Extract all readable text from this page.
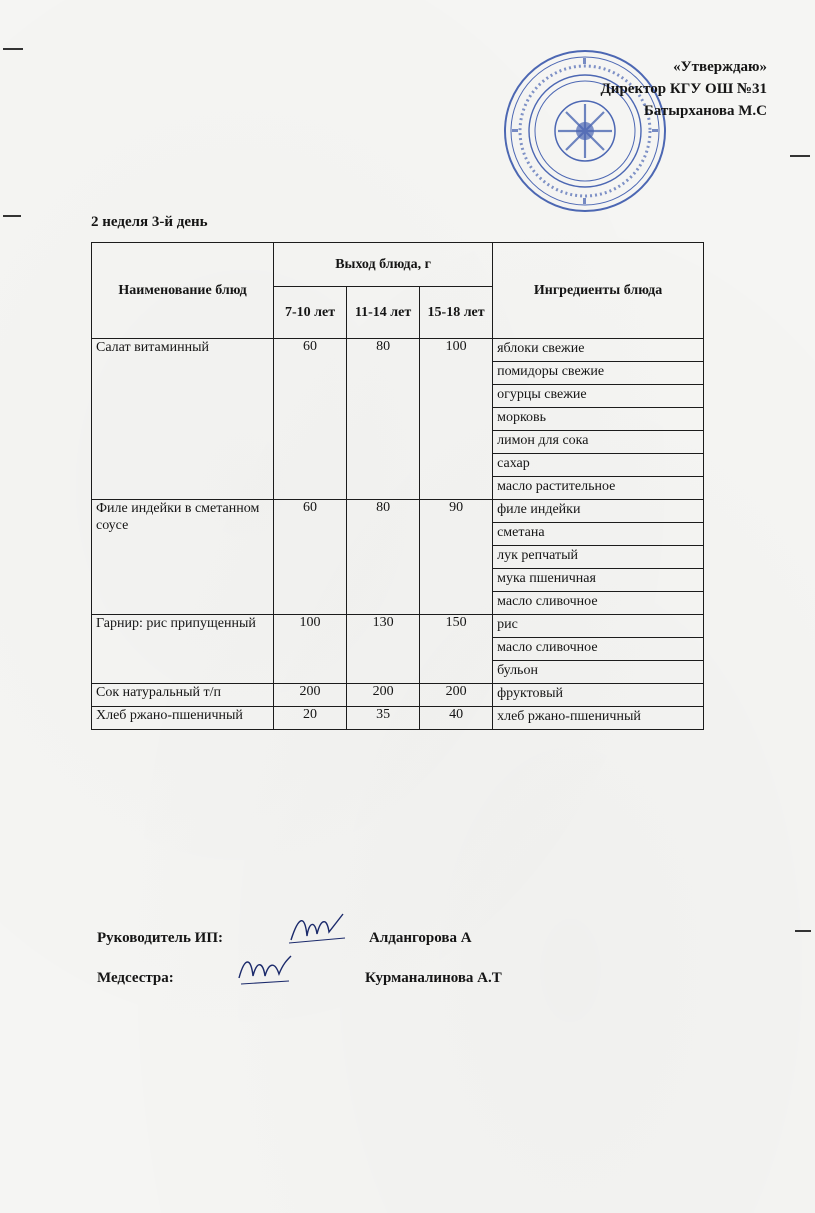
«Утверждаю»
Директор КГУ ОШ №31
Батырханова М.С
2 неделя 3-й день
Наименование блюд	Выход блюда, г			Ингредиенты блюда
	7-10 лет	11-14 лет	15-18 лет	
Салат витаминный	60	80	100	яблоки свежие
				помидоры свежие
				огурцы свежие
				морковь
				лимон для сока
				сахар
				масло растительное
Филе индейки в сметанном соусе	60	80	90	филе индейки
				сметана
				лук репчатый
				мука пшеничная
				масло сливочное
Гарнир: рис припущенный	100	130	150	рис
				масло сливочное
				бульон
Сок натуральный т/п	200	200	200	фруктовый
Хлеб ржано-пшеничный	20	35	40	хлеб ржано-пшеничный
Руководитель ИП:	Алдангорова А
Медсестра:	Курманалинова А.Т
